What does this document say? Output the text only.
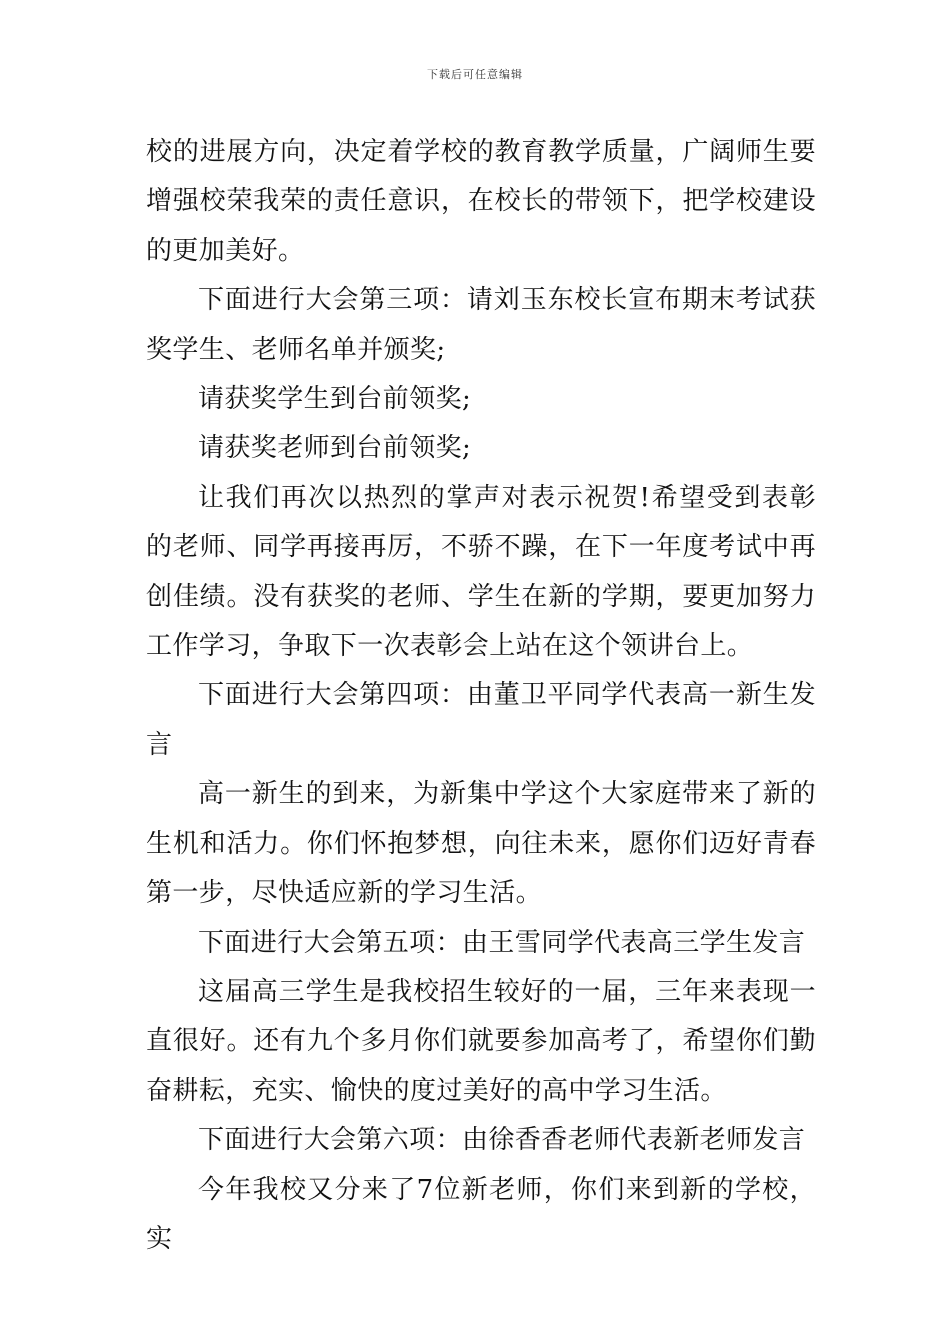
下载后可任意编辑

校的进展方向，决定着学校的教育教学质量，广阔师生要增强校荣我荣的责任意识，在校长的带领下，把学校建设的更加美好。

下面进行大会第三项：请刘玉东校长宣布期末考试获奖学生、老师名单并颁奖;

请获奖学生到台前领奖;

请获奖老师到台前领奖;

让我们再次以热烈的掌声对表示祝贺!希望受到表彰的老师、同学再接再厉，不骄不躁，在下一年度考试中再创佳绩。没有获奖的老师、学生在新的学期，要更加努力工作学习，争取下一次表彰会上站在这个领讲台上。

下面进行大会第四项：由董卫平同学代表高一新生发言

高一新生的到来，为新集中学这个大家庭带来了新的生机和活力。你们怀抱梦想，向往未来，愿你们迈好青春第一步，尽快适应新的学习生活。

下面进行大会第五项：由王雪同学代表高三学生发言

这届高三学生是我校招生较好的一届，三年来表现一直很好。还有九个多月你们就要参加高考了，希望你们勤奋耕耘，充实、愉快的度过美好的高中学习生活。

下面进行大会第六项：由徐香香老师代表新老师发言

今年我校又分来了7位新老师，你们来到新的学校，实
